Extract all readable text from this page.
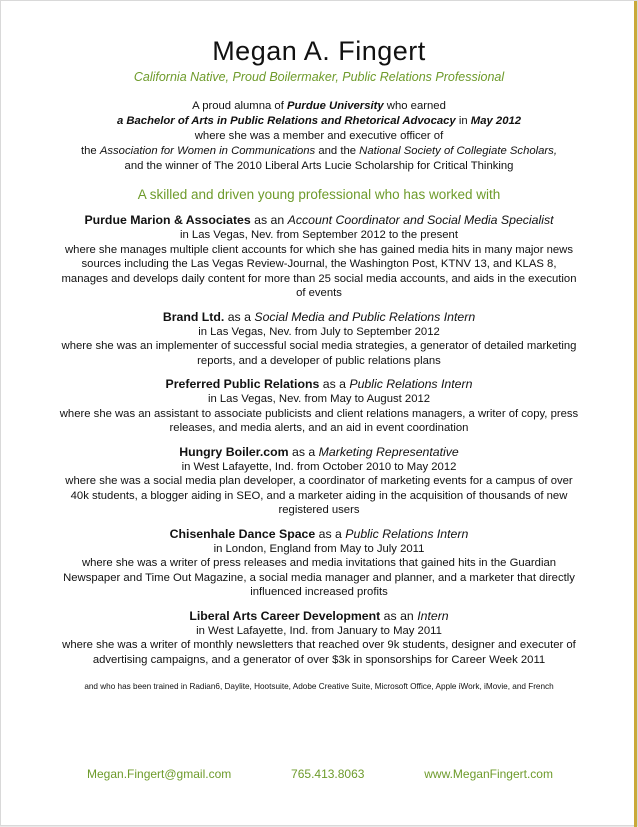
Megan A. Fingert
California Native, Proud Boilermaker, Public Relations Professional
A proud alumna of Purdue University who earned
a Bachelor of Arts in Public Relations and Rhetorical Advocacy in May 2012
where she was a member and executive officer of
the Association for Women in Communications and the National Society of Collegiate Scholars,
and the winner of The 2010 Liberal Arts Lucie Scholarship for Critical Thinking
A skilled and driven young professional who has worked with
Purdue Marion & Associates as an Account Coordinator and Social Media Specialist
in Las Vegas, Nev. from September 2012 to the present
where she manages multiple client accounts for which she has gained media hits in many major news sources including the Las Vegas Review-Journal, the Washington Post, KTNV 13, and KLAS 8, manages and develops daily content for more than 25 social media accounts, and aids in the execution of events
Brand Ltd. as a Social Media and Public Relations Intern
in Las Vegas, Nev. from July to September 2012
where she was an implementer of successful social media strategies, a generator of detailed marketing reports, and a developer of public relations plans
Preferred Public Relations as a Public Relations Intern
in Las Vegas, Nev. from May to August 2012
where she was an assistant to associate publicists and client relations managers, a writer of copy, press releases, and media alerts, and an aid in event coordination
Hungry Boiler.com as a Marketing Representative
in West Lafayette, Ind. from October 2010 to May 2012
where she was a social media plan developer, a coordinator of marketing events for a campus of over 40k students, a blogger aiding in SEO, and a marketer aiding in the acquisition of thousands of new registered users
Chisenhale Dance Space as a Public Relations Intern
in London, England from May to July 2011
where she was a writer of press releases and media invitations that gained hits in the Guardian Newspaper and Time Out Magazine, a social media manager and planner, and a marketer that directly influenced increased profits
Liberal Arts Career Development as an Intern
in West Lafayette, Ind. from January to May 2011
where she was a writer of monthly newsletters that reached over 9k students, designer and executer of advertising campaigns, and a generator of over $3k in sponsorships for Career Week 2011
and who has been trained in Radian6, Daylite, Hootsuite, Adobe Creative Suite, Microsoft Office, Apple iWork, iMovie, and French
Megan.Fingert@gmail.com	765.413.8063	www.MeganFingert.com
